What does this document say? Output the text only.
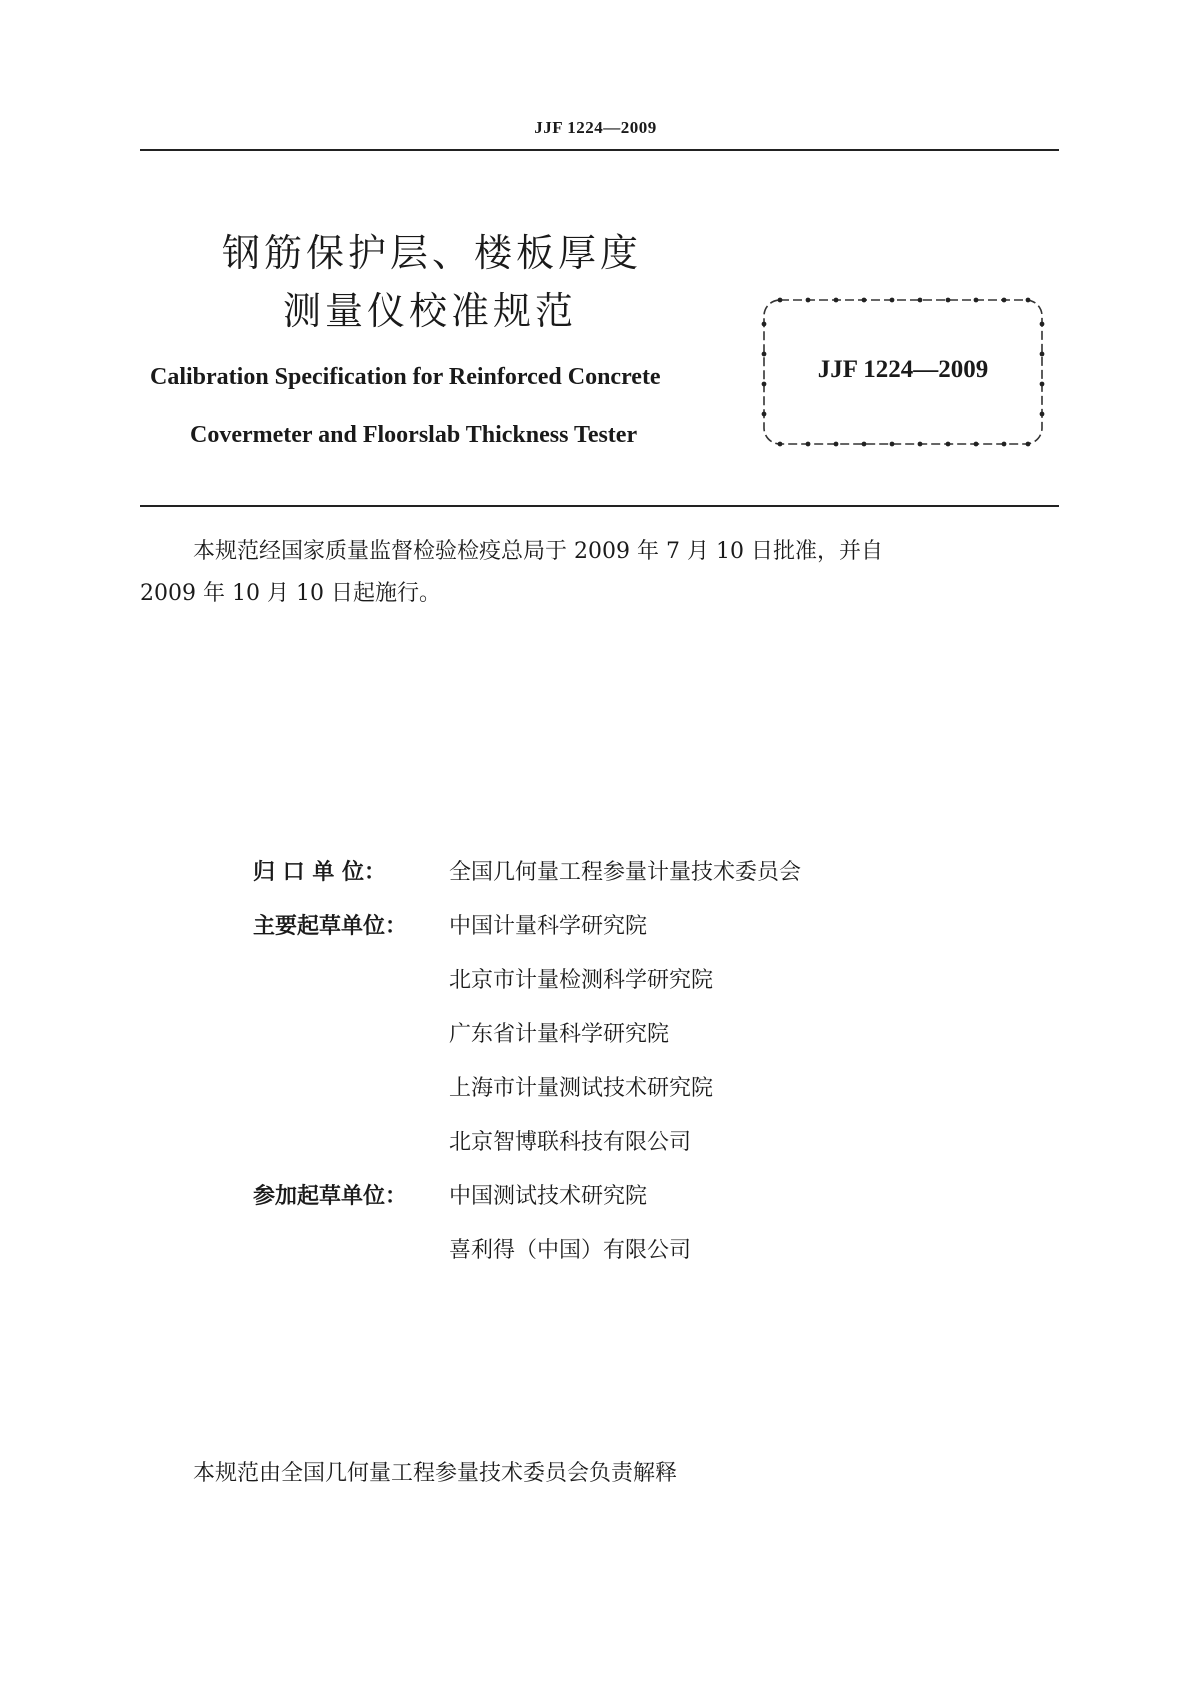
JJF 1224—2009
钢筋保护层、楼板厚度
测量仪校准规范
Calibration Specification for Reinforced Concrete
Covermeter and Floorslab Thickness Tester
JJF 1224—2009
本规范经国家质量监督检验检疫总局于 2009 年 7 月 10 日批准，并自
2009 年 10 月 10 日起施行。
归 口 单 位：	全国几何量工程参量计量技术委员会
主要起草单位： 中国计量科学研究院
北京市计量检测科学研究院
广东省计量科学研究院
上海市计量测试技术研究院
北京智博联科技有限公司
参加起草单位： 中国测试技术研究院
喜利得（中国）有限公司
本规范由全国几何量工程参量技术委员会负责解释
